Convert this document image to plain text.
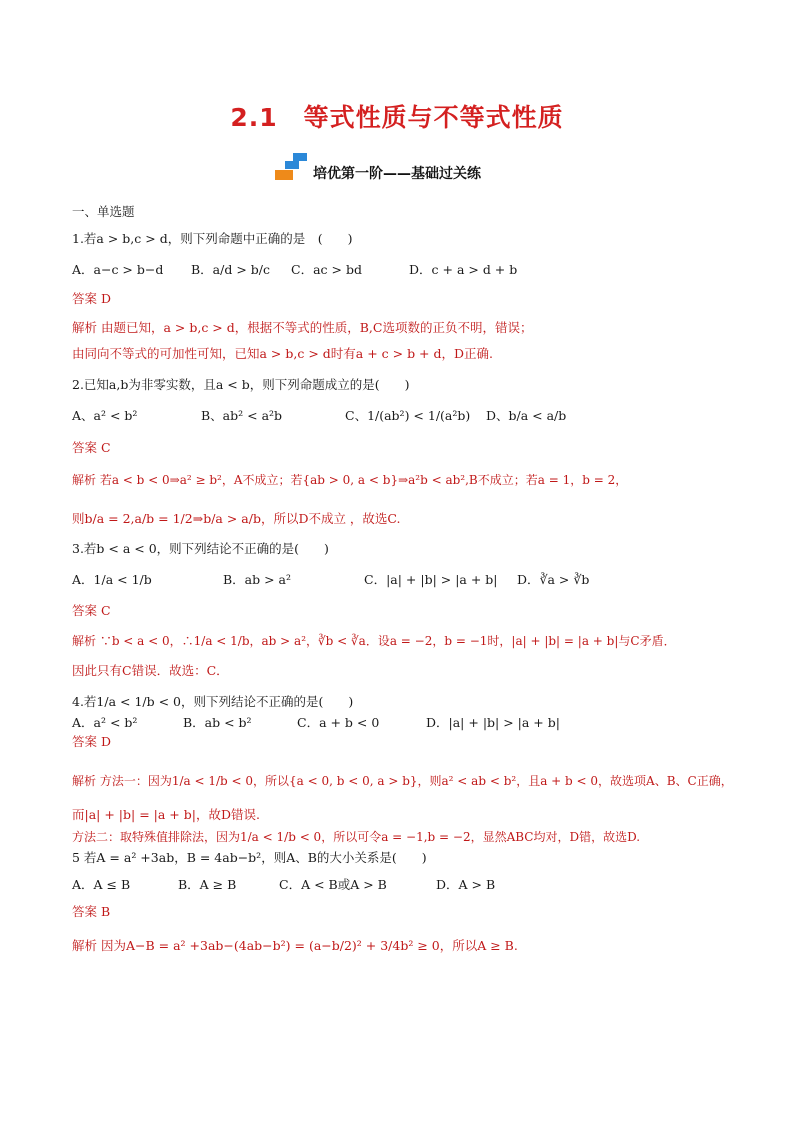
2.1　等式性质与不等式性质
培优第一阶——基础过关练
一、单选题
1.若a > b,c > d，则下列命题中正确的是　(　　)
A．a−c > b−d B．a/d > b/c C．ac > bd	D．c + a > d + b
答案 D
解析 由题已知，a > b,c > d，根据不等式的性质，B,C选项数的正负不明，错误；
由同向不等式的可加性可知，已知a > b,c > d时有a + c > b + d，D正确.
2.已知a,b为非零实数，且a < b，则下列命题成立的是(　　)
A、a² < b²	B、ab² < a²b	C、1/(ab²) < 1/(a²b) D、b/a < a/b
答案 C
解析 若a < b < 0⇒a² ≥ b²，A不成立；若{ab > 0, a < b}⇒a²b < ab²,B不成立；若a = 1，b = 2，
则b/a = 2,a/b = 1/2⇒b/a > a/b，所以D不成立 ，故选C.
3.若b < a < 0，则下列结论不正确的是(　　)
A．1/a < 1/b	B．ab > a²	C．|a| + |b| > |a + b| D．∛a > ∛b
答案 C
解析 ∵b < a < 0，∴1/a < 1/b，ab > a²，∛b < ∛a．设a = −2，b = −1时，|a| + |b| = |a + b|与C矛盾．
因此只有C错误．故选：C．
4.若1/a < 1/b < 0，则下列结论不正确的是(　　)
A．a² < b²	B．ab < b²	C．a + b < 0	D．|a| + |b| > |a + b|
答案 D
解析 方法一：因为1/a < 1/b < 0，所以{a < 0, b < 0, a > b}，则a² < ab < b²，且a + b < 0，故选项A、B、C正确，
而|a| + |b| = |a + b|，故D错误.
方法二：取特殊值排除法，因为1/a < 1/b < 0，所以可令a = −1,b = −2，显然ABC均对，D错，故选D.
5 若A = a² +3ab，B = 4ab−b²，则A、B的大小关系是(　　)
A．A ≤ B	B．A ≥ B	C．A < B或A > B	D．A > B
答案 B
解析 因为A−B = a² +3ab−(4ab−b²) = (a−b/2)² + 3/4b² ≥ 0，所以A ≥ B.
